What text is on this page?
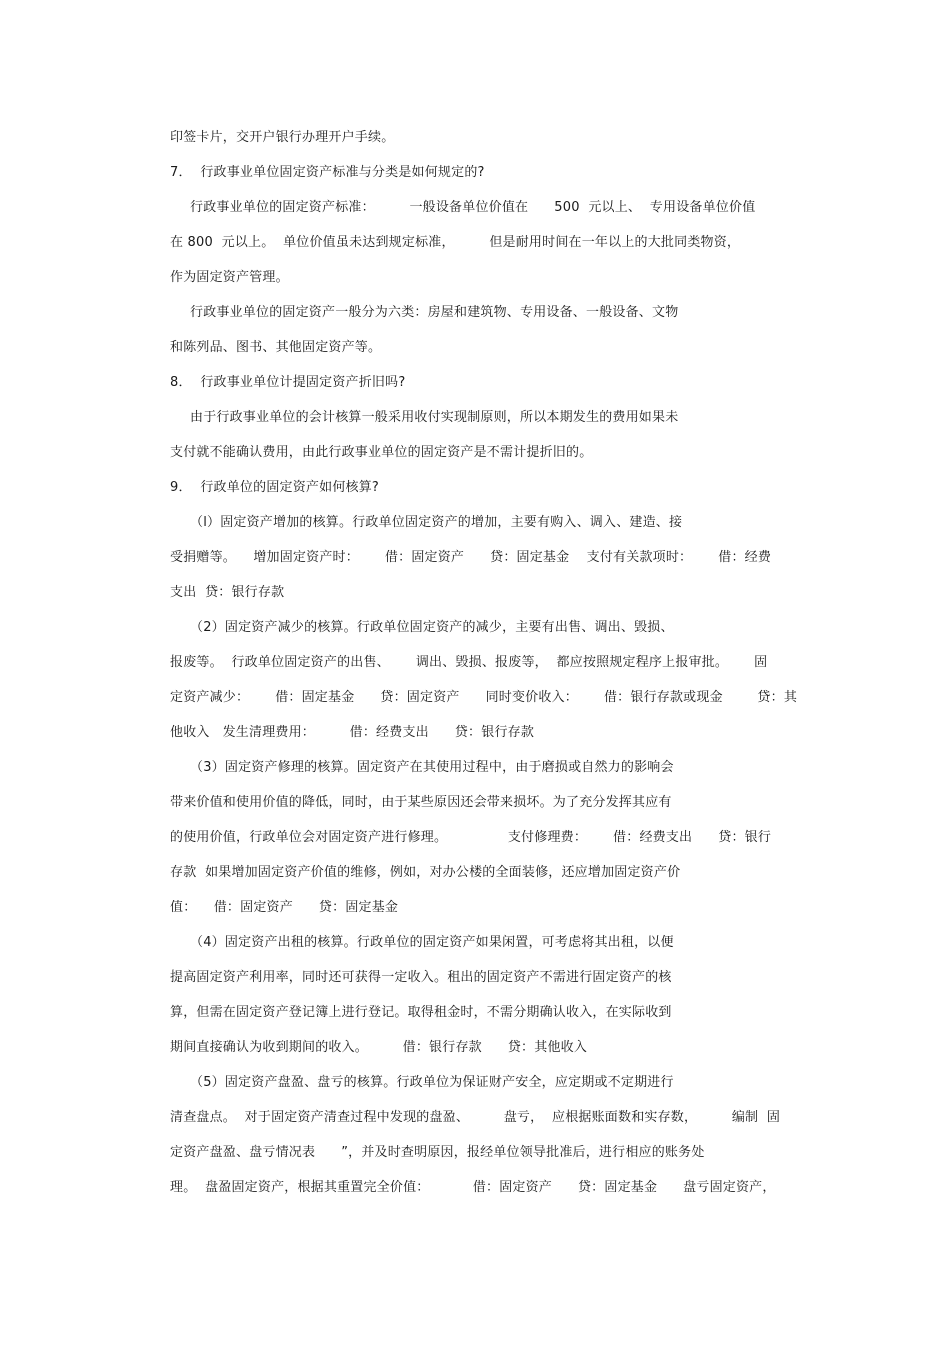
印签卡片，交开户银行办理开户手续。
7．  行政事业单位固定资产标准与分类是如何规定的?
行政事业单位的固定资产标准：        一般设备单位价值在      500  元以上、  专用设备单位价值
在 800  元以上。  单位价值虽未达到规定标准，        但是耐用时间在一年以上的大批同类物资，
作为固定资产管理。
行政事业单位的固定资产一般分为六类：房屋和建筑物、专用设备、一般设备、文物
和陈列品、图书、其他固定资产等。
8．  行政事业单位计提固定资产折旧吗?
由于行政事业单位的会计核算一般采用收付实现制原则，所以本期发生的费用如果未
支付就不能确认费用，由此行政事业单位的固定资产是不需计提折旧的。
9．  行政单位的固定资产如何核算?
（l）固定资产增加的核算。行政单位固定资产的增加，主要有购入、调入、建造、接
受捐赠等。    增加固定资产时：      借：固定资产      贷：固定基金    支付有关款项时：      借：经费
支出  贷：银行存款
（2）固定资产减少的核算。行政单位固定资产的减少，主要有出售、调出、毁损、
报废等。  行政单位固定资产的出售、      调出、毁损、报废等，  都应按照规定程序上报审批。      固
定资产减少：      借：固定基金      贷：固定资产      同时变价收入：      借：银行存款或现金        贷：其
他收入   发生清理费用：        借：经费支出      贷：银行存款
（3）固定资产修理的核算。固定资产在其使用过程中，由于磨损或自然力的影响会
带来价值和使用价值的降低，同时，由于某些原因还会带来损坏。为了充分发挥其应有
的使用价值，行政单位会对固定资产进行修理。              支付修理费：      借：经费支出      贷：银行
存款  如果增加固定资产价值的维修，例如，对办公楼的全面装修，还应增加固定资产价
值：    借：固定资产      贷：固定基金
（4）固定资产出租的核算。行政单位的固定资产如果闲置，可考虑将其出租，以便
提高固定资产利用率，同时还可获得一定收入。租出的固定资产不需进行固定资产的核
算，但需在固定资产登记簿上进行登记。取得租金时，不需分期确认收入，在实际收到
期间直接确认为收到期间的收入。        借：银行存款      贷：其他收入
（5）固定资产盘盈、盘亏的核算。行政单位为保证财产安全，应定期或不定期进行
清查盘点。  对于固定资产清查过程中发现的盘盈、        盘亏，  应根据账面数和实存数，        编制  固
定资产盘盈、盘亏情况表      ”，并及时查明原因，报经单位领导批准后，进行相应的账务处
理。  盘盈固定资产，根据其重置完全价值：          借：固定资产      贷：固定基金      盘亏固定资产，
